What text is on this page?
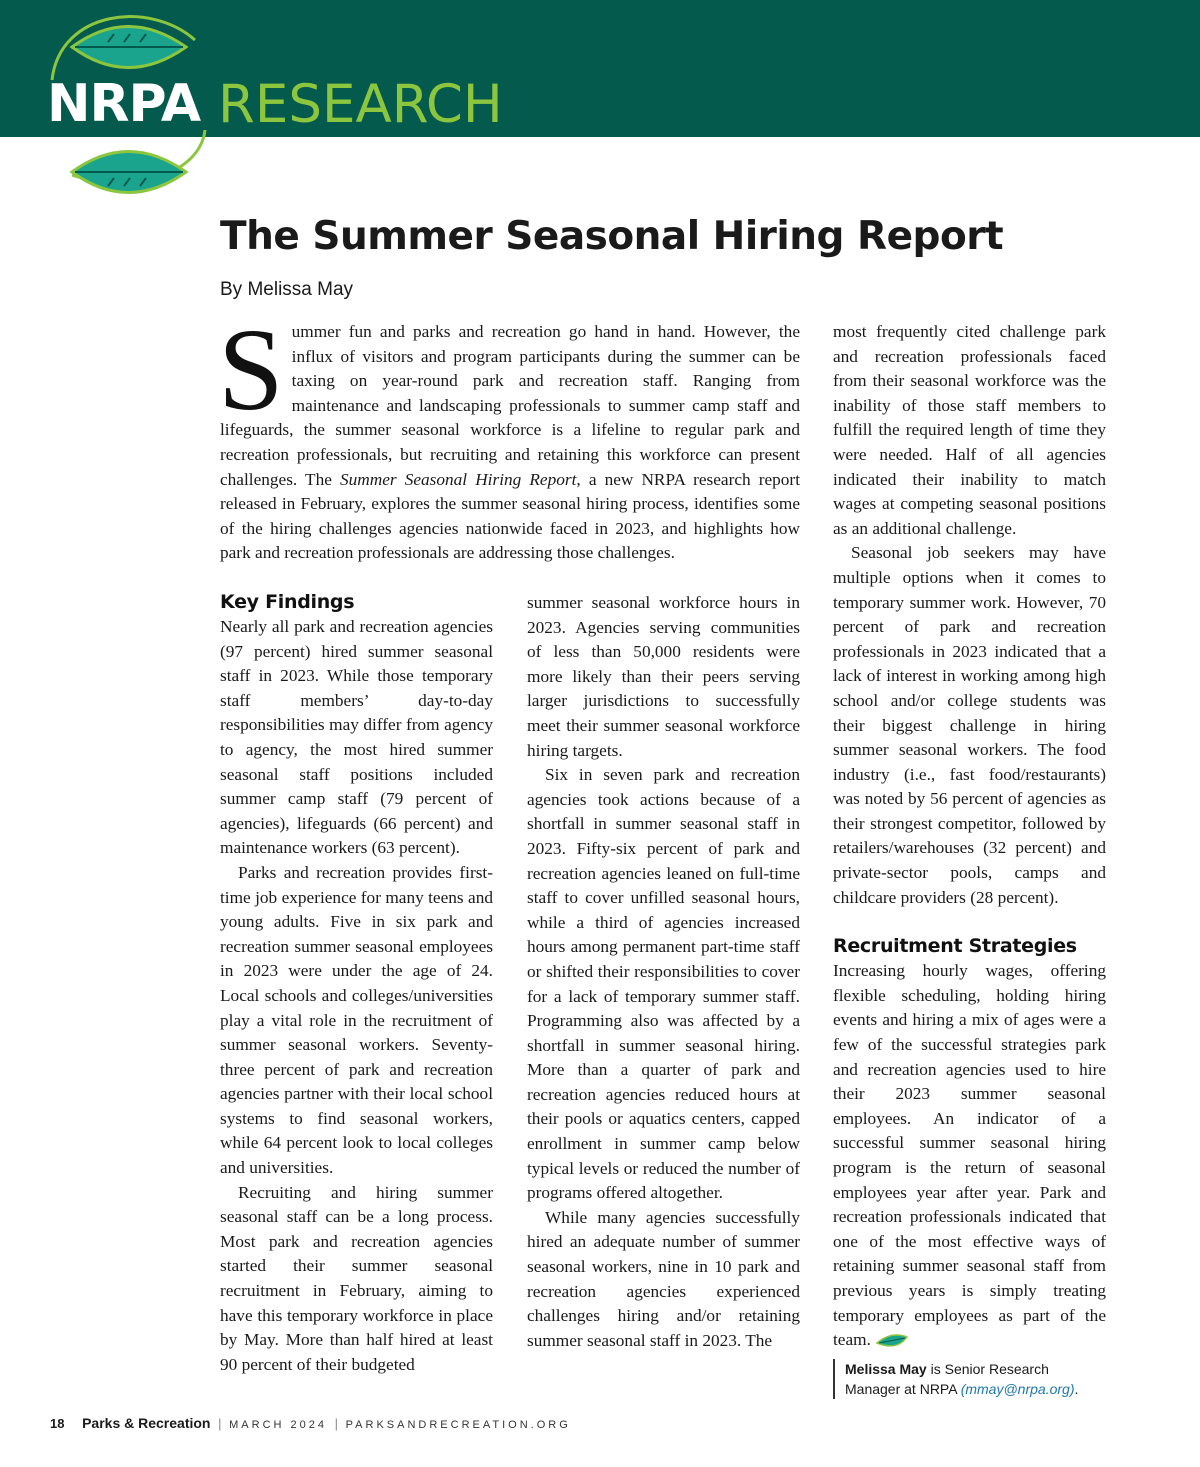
NRPA RESEARCH
The Summer Seasonal Hiring Report
By Melissa May

Summer fun and parks and recreation go hand in hand. However, the influx of visitors and program participants during the summer can be taxing on year-round park and recreation staff. Ranging from maintenance and landscaping professionals to summer camp staff and lifeguards, the summer seasonal workforce is a lifeline to regular park and recreation professionals, but recruiting and retaining this workforce can present challenges. The Summer Seasonal Hiring Report, a new NRPA research report released in February, explores the summer seasonal hiring process, identifies some of the hiring challenges agencies nationwide faced in 2023, and highlights how park and recreation professionals are addressing those challenges.

Key Findings

Nearly all park and recreation agencies (97 percent) hired summer seasonal staff in 2023. While those temporary staff members’ day-to-day responsibilities may differ from agency to agency, the most hired summer seasonal staff positions included summer camp staff (79 percent of agencies), lifeguards (66 percent) and maintenance workers (63 percent).

Parks and recreation provides first-time job experience for many teens and young adults. Five in six park and recreation summer seasonal employees in 2023 were under the age of 24. Local schools and colleges/universities play a vital role in the recruitment of summer seasonal workers. Seventy-three percent of park and recreation agencies partner with their local school systems to find seasonal workers, while 64 percent look to local colleges and universities.

Recruiting and hiring summer seasonal staff can be a long process. Most park and recreation agencies started their summer seasonal recruitment in February, aiming to have this temporary workforce in place by May. More than half hired at least 90 percent of their budgeted

summer seasonal workforce hours in 2023. Agencies serving communities of less than 50,000 residents were more likely than their peers serving larger jurisdictions to successfully meet their summer seasonal workforce hiring targets.

Six in seven park and recreation agencies took actions because of a shortfall in summer seasonal staff in 2023. Fifty-six percent of park and recreation agencies leaned on full-time staff to cover unfilled seasonal hours, while a third of agencies increased hours among permanent part-time staff or shifted their responsibilities to cover for a lack of temporary summer staff. Programming also was affected by a shortfall in summer seasonal hiring. More than a quarter of park and recreation agencies reduced hours at their pools or aquatics centers, capped enrollment in summer camp below typical levels or reduced the number of programs offered altogether.

While many agencies successfully hired an adequate number of summer seasonal workers, nine in 10 park and recreation agencies experienced challenges hiring and/or retaining summer seasonal staff in 2023. The

most frequently cited challenge park and recreation professionals faced from their seasonal workforce was the inability of those staff members to fulfill the required length of time they were needed. Half of all agencies indicated their inability to match wages at competing seasonal positions as an additional challenge.

Seasonal job seekers may have multiple options when it comes to temporary summer work. However, 70 percent of park and recreation professionals in 2023 indicated that a lack of interest in working among high school and/or college students was their biggest challenge in hiring summer seasonal workers. The food industry (i.e., fast food/restaurants) was noted by 56 percent of agencies as their strongest competitor, followed by retailers/warehouses (32 percent) and private-sector pools, camps and childcare providers (28 percent).

Recruitment Strategies

Increasing hourly wages, offering flexible scheduling, holding hiring events and hiring a mix of ages were a few of the successful strategies park and recreation agencies used to hire their 2023 summer seasonal employees. An indicator of a successful summer seasonal hiring program is the return of seasonal employees year after year. Park and recreation professionals indicated that one of the most effective ways of retaining summer seasonal staff from previous years is simply treating temporary employees as part of the team.

Melissa May is Senior Research Manager at NRPA (mmay@nrpa.org).
18 Parks & Recreation | MARCH 2024 | PARKSANDRECREATION.ORG
